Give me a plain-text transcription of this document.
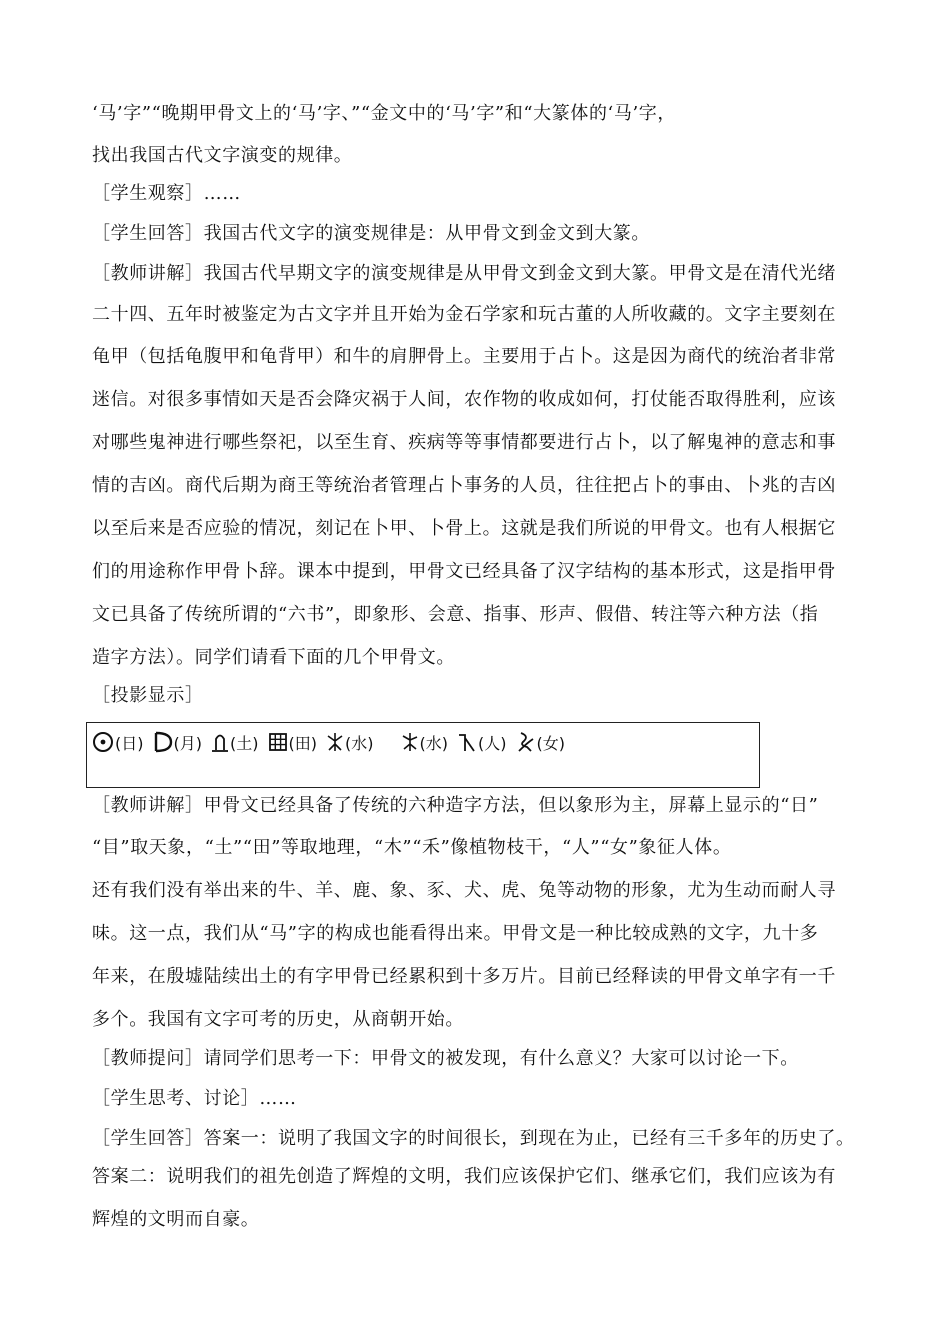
‘马’字”“晚期甲骨文上的‘马’字、”“金文中的‘马’字”和“大篆体的‘马’字，
找出我国古代文字演变的规律。
［学生观察］……
［学生回答］我国古代文字的演变规律是：从甲骨文到金文到大篆。
［教师讲解］我国古代早期文字的演变规律是从甲骨文到金文到大篆。甲骨文是在清代光绪
二十四、五年时被鉴定为古文字并且开始为金石学家和玩古董的人所收藏的。文字主要刻在
龟甲（包括龟腹甲和龟背甲）和牛的肩胛骨上。主要用于占卜。这是因为商代的统治者非常
迷信。对很多事情如天是否会降灾祸于人间，农作物的收成如何，打仗能否取得胜利，应该
对哪些鬼神进行哪些祭祀，以至生育、疾病等等事情都要进行占卜，以了解鬼神的意志和事
情的吉凶。商代后期为商王等统治者管理占卜事务的人员，往往把占卜的事由、卜兆的吉凶
以至后来是否应验的情况，刻记在卜甲、卜骨上。这就是我们所说的甲骨文。也有人根据它
们的用途称作甲骨卜辞。课本中提到，甲骨文已经具备了汉字结构的基本形式，这是指甲骨
文已具备了传统所谓的“六书”，即象形、会意、指事、形声、假借、转注等六种方法（指
造字方法）。同学们请看下面的几个甲骨文。
［投影显示］
(日) (月) (土) (田) (水)	(水) (人) (女)
［教师讲解］甲骨文已经具备了传统的六种造字方法，但以象形为主，屏幕上显示的“日”
“目”取天象，“土”“田”等取地理，“木”“禾”像植物枝干，“人”“女”象征人体。
还有我们没有举出来的牛、羊、鹿、象、豕、犬、虎、兔等动物的形象，尤为生动而耐人寻
味。这一点，我们从“马”字的构成也能看得出来。甲骨文是一种比较成熟的文字，九十多
年来，在殷墟陆续出土的有字甲骨已经累积到十多万片。目前已经释读的甲骨文单字有一千
多个。我国有文字可考的历史，从商朝开始。
［教师提问］请同学们思考一下：甲骨文的被发现，有什么意义？大家可以讨论一下。
［学生思考、讨论］……
［学生回答］答案一：说明了我国文字的时间很长，到现在为止，已经有三千多年的历史了。
答案二：说明我们的祖先创造了辉煌的文明，我们应该保护它们、继承它们，我们应该为有
辉煌的文明而自豪。
